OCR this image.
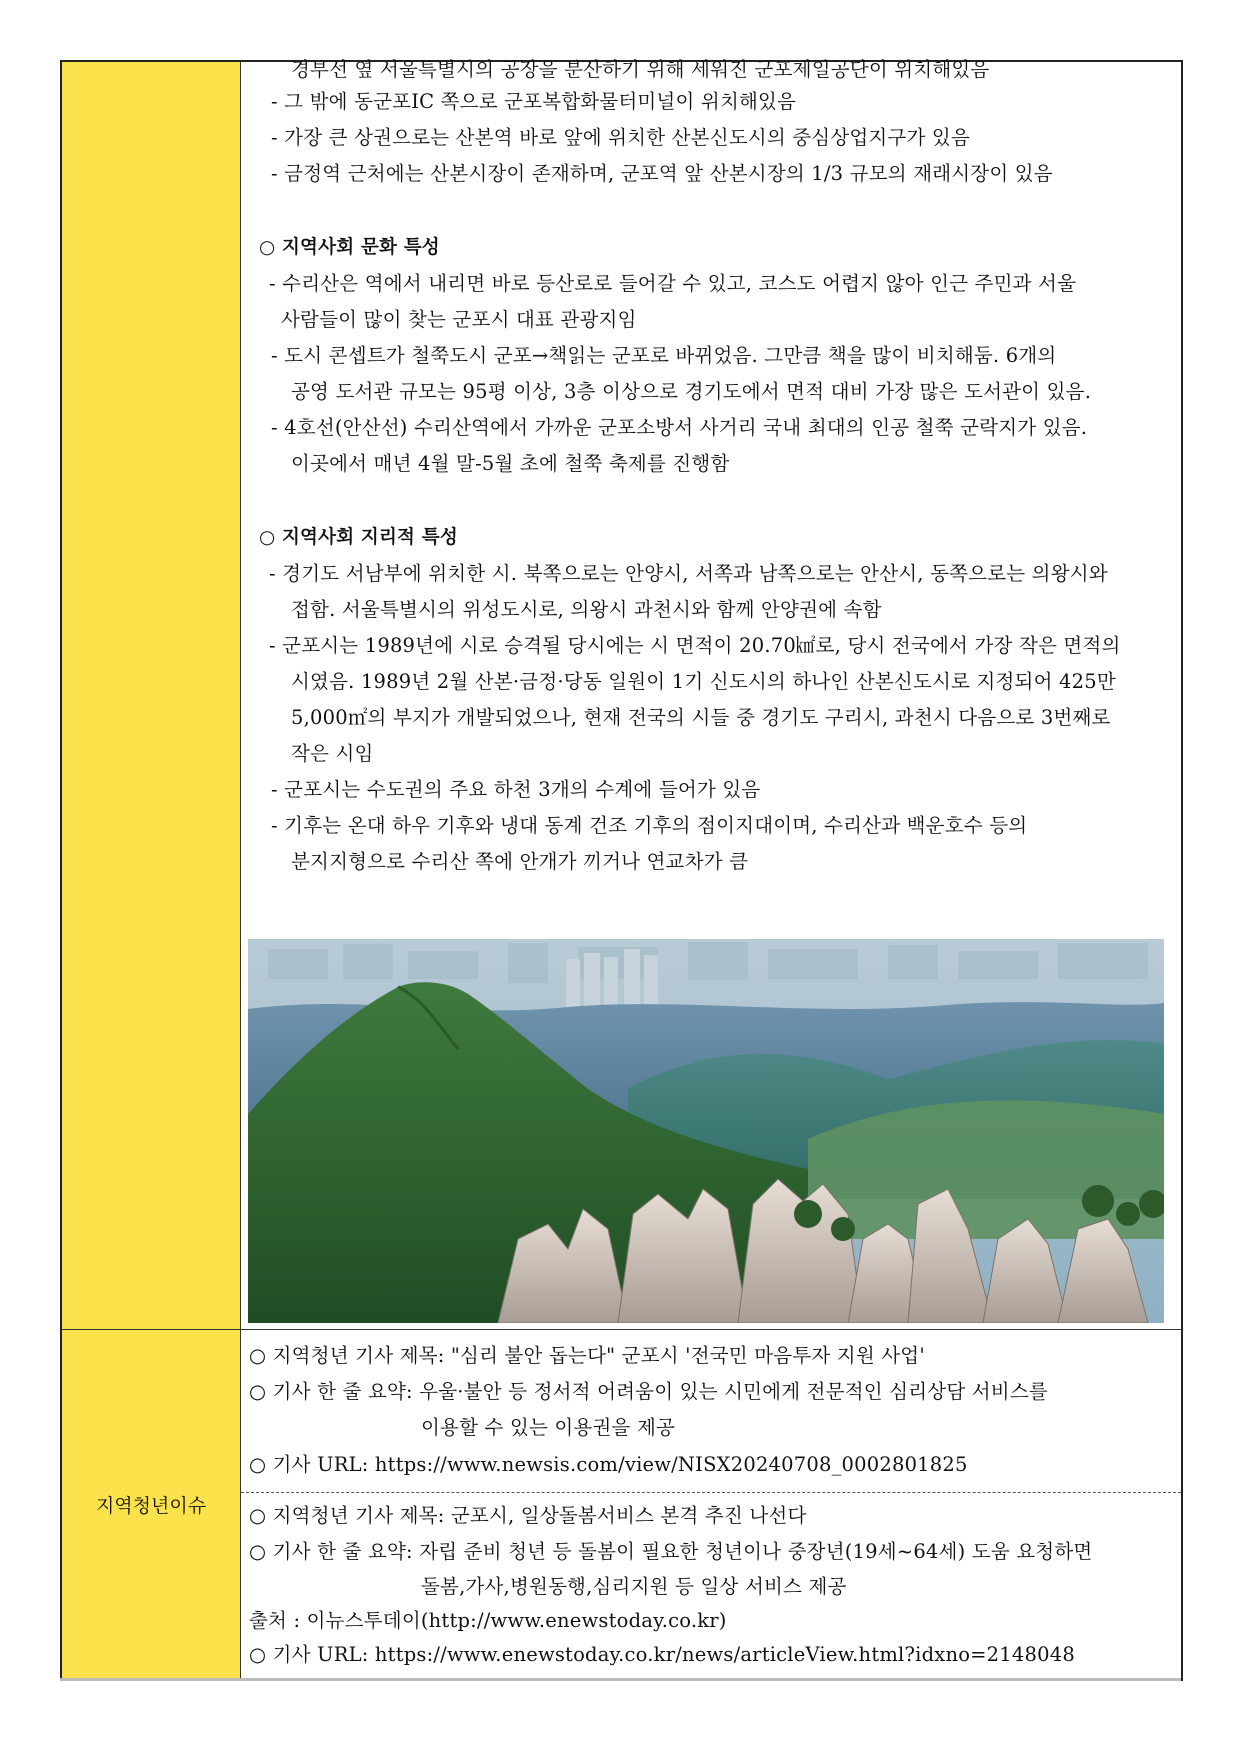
경부선 옆 서울특별시의 공장을 분산하기 위해 세워진 군포제일공단이 위치해있음
- 그 밖에 동군포IC 쪽으로 군포복합화물터미널이 위치해있음
- 가장 큰 상권으로는 산본역 바로 앞에 위치한 산본신도시의 중심상업지구가 있음
- 금정역 근처에는 산본시장이 존재하며, 군포역 앞 산본시장의 1/3 규모의 재래시장이 있음
○ 지역사회 문화 특성
- 수리산은 역에서 내리면 바로 등산로로 들어갈 수 있고, 코스도 어렵지 않아 인근 주민과 서울
사람들이 많이 찾는 군포시 대표 관광지임
- 도시 콘셉트가 철쭉도시 군포→책읽는 군포로 바뀌었음. 그만큼 책을 많이 비치해둠. 6개의
공영 도서관 규모는 95평 이상, 3층 이상으로 경기도에서 면적 대비 가장 많은 도서관이 있음.
- 4호선(안산선) 수리산역에서 가까운 군포소방서 사거리 국내 최대의 인공 철쭉 군락지가 있음.
이곳에서 매년 4월 말-5월 초에 철쭉 축제를 진행함
○ 지역사회 지리적 특성
- 경기도 서남부에 위치한 시. 북쪽으로는 안양시, 서쪽과 남쪽으로는 안산시, 동쪽으로는 의왕시와
접함. 서울특별시의 위성도시로, 의왕시 과천시와 함께 안양권에 속함
- 군포시는 1989년에 시로 승격될 당시에는 시 면적이 20.70㎢로, 당시 전국에서 가장 작은 면적의
시였음. 1989년 2월 산본·금정·당동 일원이 1기 신도시의 하나인 산본신도시로 지정되어 425만
5,000㎡의 부지가 개발되었으나, 현재 전국의 시들 중 경기도 구리시, 과천시 다음으로 3번째로
작은 시임
- 군포시는 수도권의 주요 하천 3개의 수계에 들어가 있음
- 기후는 온대 하우 기후와 냉대 동계 건조 기후의 점이지대이며, 수리산과 백운호수 등의
분지지형으로 수리산 쪽에 안개가 끼거나 연교차가 큼
지역청년이슈
○ 지역청년 기사 제목: "심리 불안 돕는다" 군포시 '전국민 마음투자 지원 사업'
○ 기사 한 줄 요약: 우울·불안 등 정서적 어려움이 있는 시민에게 전문적인 심리상담 서비스를
이용할 수 있는 이용권을 제공
○ 기사 URL: https://www.newsis.com/view/NISX20240708_0002801825
○ 지역청년 기사 제목: 군포시, 일상돌봄서비스 본격 추진 나선다
○ 기사 한 줄 요약: 자립 준비 청년 등 돌봄이 필요한 청년이나 중장년(19세~64세) 도움 요청하면
돌봄,가사,병원동행,심리지원 등 일상 서비스 제공
출처 : 이뉴스투데이(http://www.enewstoday.co.kr)
○ 기사 URL: https://www.enewstoday.co.kr/news/articleView.html?idxno=2148048
